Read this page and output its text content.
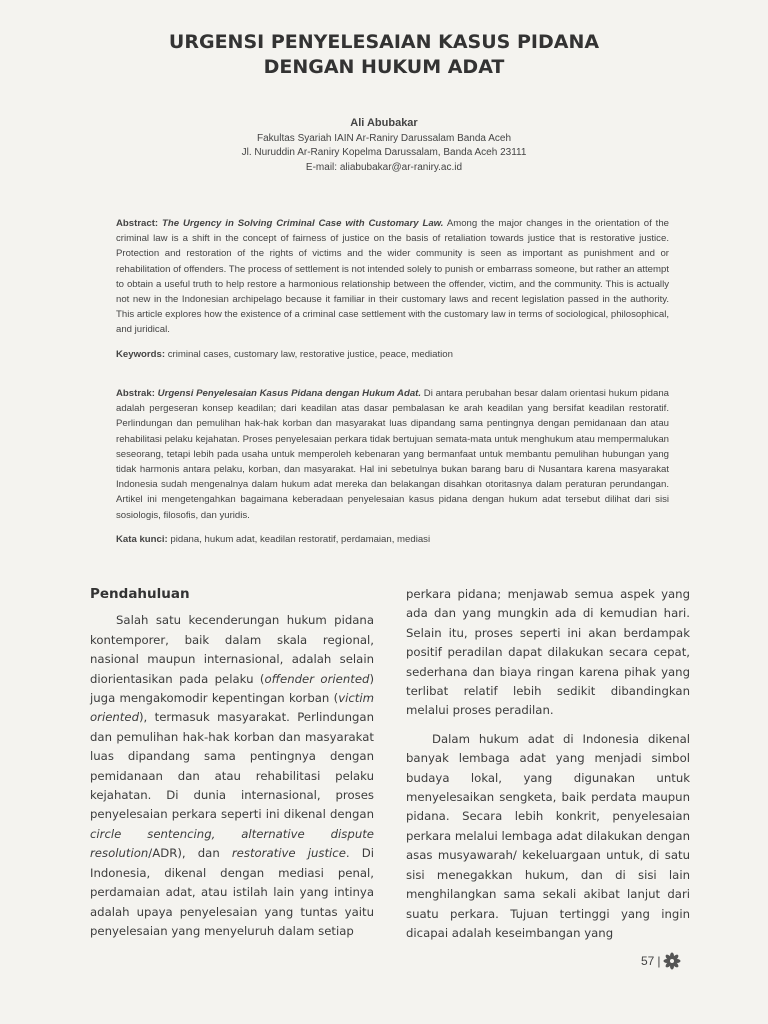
URGENSI PENYELESAIAN KASUS PIDANA
DENGAN HUKUM ADAT
Ali Abubakar
Fakultas Syariah IAIN Ar-Raniry Darussalam Banda Aceh
Jl. Nuruddin Ar-Raniry Kopelma Darussalam, Banda Aceh 23111
E-mail: aliabubakar@ar-raniry.ac.id
Abstract: The Urgency in Solving Criminal Case with Customary Law. Among the major changes in the orientation of the criminal law is a shift in the concept of fairness of justice on the basis of retaliation towards justice that is restorative justice. Protection and restoration of the rights of victims and the wider community is seen as important as punishment and or rehabilitation of offenders. The process of settlement is not intended solely to punish or embarrass someone, but rather an attempt to obtain a useful truth to help restore a harmonious relationship between the offender, victim, and the community. This is actually not new in the Indonesian archipelago because it familiar in their customary laws and recent legislation passed in the authority. This article explores how the existence of a criminal case settlement with the customary law in terms of sociological, philosophical, and juridical.
Keywords: criminal cases, customary law, restorative justice, peace, mediation
Abstrak: Urgensi Penyelesaian Kasus Pidana dengan Hukum Adat. Di antara perubahan besar dalam orientasi hukum pidana adalah pergeseran konsep keadilan; dari keadilan atas dasar pembalasan ke arah keadilan yang bersifat keadilan restoratif. Perlindungan dan pemulihan hak-hak korban dan masyarakat luas dipandang sama pentingnya dengan pemidanaan dan atau rehabilitasi pelaku kejahatan. Proses penyelesaian perkara tidak bertujuan semata-mata untuk menghukum atau mempermalukan seseorang, tetapi lebih pada usaha untuk memperoleh kebenaran yang bermanfaat untuk membantu pemulihan hubungan yang tidak harmonis antara pelaku, korban, dan masyarakat. Hal ini sebetulnya bukan barang baru di Nusantara karena masyarakat Indonesia sudah mengenalnya dalam hukum adat mereka dan belakangan disahkan otoritasnya dalam peraturan perundangan. Artikel ini mengetengahkan bagaimana keberadaan penyelesaian kasus pidana dengan hukum adat tersebut dilihat dari sisi sosiologis, filosofis, dan yuridis.
Kata kunci: pidana, hukum adat, keadilan restoratif, perdamaian, mediasi
Pendahuluan

Salah satu kecenderungan hukum pidana kontemporer, baik dalam skala regional, nasional maupun internasional, adalah selain diorientasikan pada pelaku (offender oriented) juga mengakomodir kepentingan korban (victim oriented), termasuk masyarakat. Perlindungan dan pemulihan hak-hak korban dan masyarakat luas dipandang sama pentingnya dengan pemidanaan dan atau rehabilitasi pelaku kejahatan. Di dunia internasional, proses penyelesaian perkara seperti ini dikenal dengan circle sentencing, alternative dispute resolution/ADR), dan restorative justice. Di Indonesia, dikenal dengan mediasi penal, perdamaian adat, atau istilah lain yang intinya adalah upaya penyelesaian yang tuntas yaitu penyelesaian yang menyeluruh dalam setiap

perkara pidana; menjawab semua aspek yang ada dan yang mungkin ada di kemudian hari. Selain itu, proses seperti ini akan berdampak positif peradilan dapat dilakukan secara cepat, sederhana dan biaya ringan karena pihak yang terlibat relatif lebih sedikit dibandingkan melalui proses peradilan.

Dalam hukum adat di Indonesia dikenal banyak lembaga adat yang menjadi simbol budaya lokal, yang digunakan untuk menyelesaikan sengketa, baik perdata maupun pidana. Secara lebih konkrit, penyelesaian perkara melalui lembaga adat dilakukan dengan asas musyawarah/ kekeluargaan untuk, di satu sisi menegakkan hukum, dan di sisi lain menghilangkan sama sekali akibat lanjut dari suatu perkara. Tujuan tertinggi yang ingin dicapai adalah keseimbangan yang

57 |
